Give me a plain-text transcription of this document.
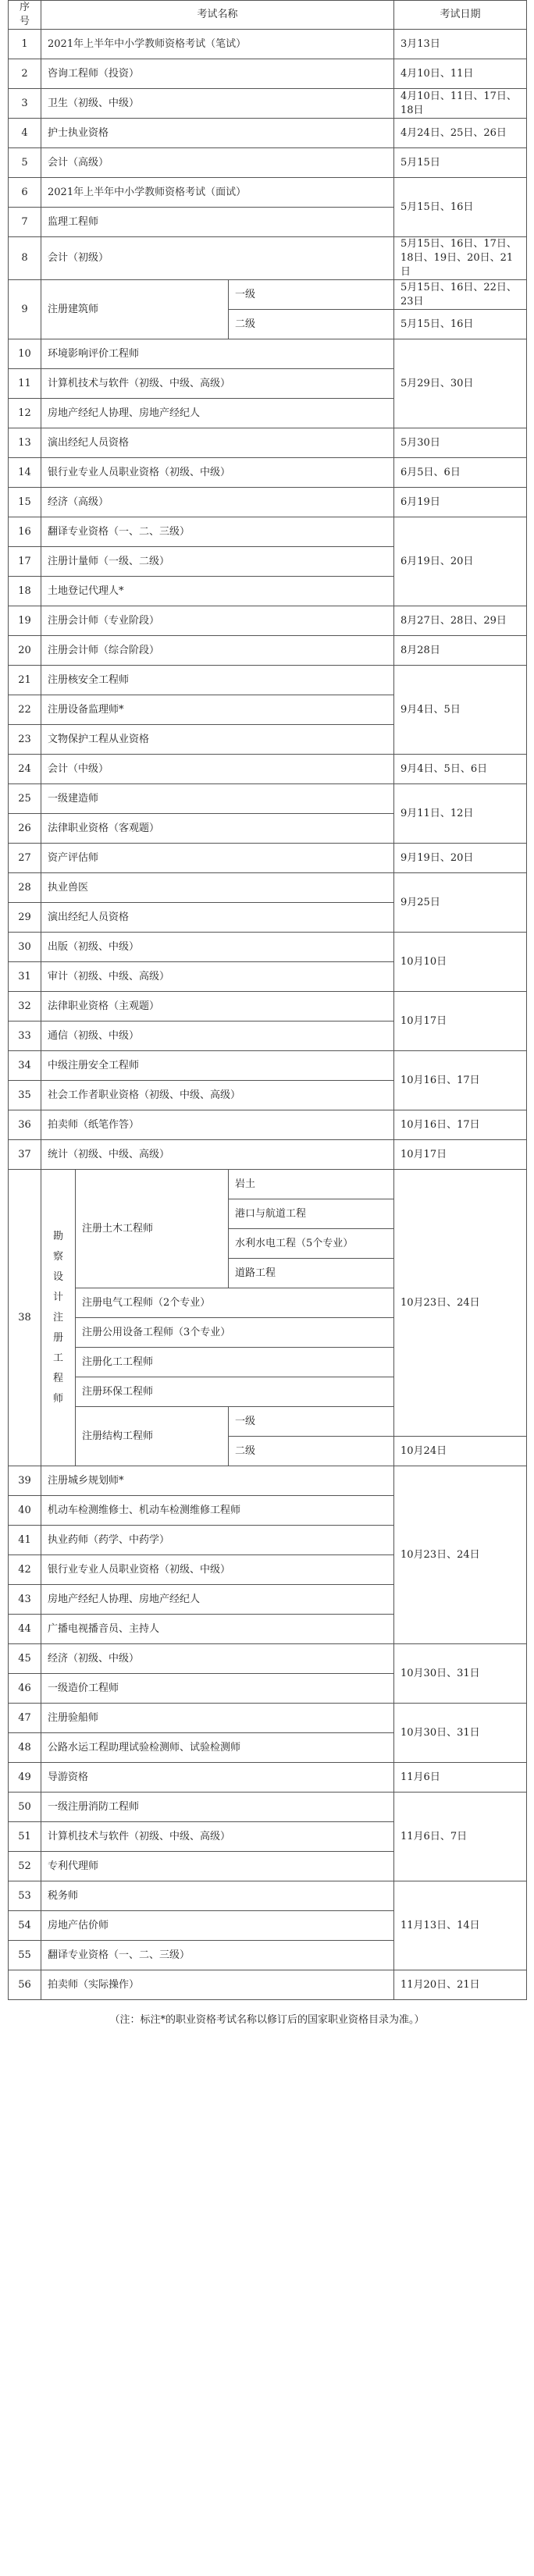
序号	考试名称			考试日期
1	2021年上半年中小学教师资格考试（笔试）			3月13日
2	咨询工程师（投资）			4月10日、11日
3	卫生（初级、中级）			4月10日、11日、17日、18日
4	护士执业资格			4月24日、25日、26日
5	会计（高级）			5月15日
6	2021年上半年中小学教师资格考试（面试）			5月15日、16日
7	监理工程师			
8	会计（初级）			5月15日、16日、17日、18日、19日、20日、21日
9	注册建筑师		一级	5月15日、16日、22日、23日
			二级	5月15日、16日
10	环境影响评价工程师			5月29日、30日
11	计算机技术与软件（初级、中级、高级）			
12	房地产经纪人协理、房地产经纪人			
13	演出经纪人员资格			5月30日
14	银行业专业人员职业资格（初级、中级）			6月5日、6日
15	经济（高级）			6月19日
16	翻译专业资格（一、二、三级）			6月19日、20日
17	注册计量师（一级、二级）			
18	土地登记代理人*			
19	注册会计师（专业阶段）			8月27日、28日、29日
20	注册会计师（综合阶段）			8月28日
21	注册核安全工程师			9月4日、5日
22	注册设备监理师*			
23	文物保护工程从业资格			
24	会计（中级）			9月4日、5日、6日
25	一级建造师			9月11日、12日
26	法律职业资格（客观题）			
27	资产评估师			9月19日、20日
28	执业兽医			9月25日
29	演出经纪人员资格			
30	出版（初级、中级）			10月10日
31	审计（初级、中级、高级）			
32	法律职业资格（主观题）			10月17日
33	通信（初级、中级）			
34	中级注册安全工程师			10月16日、17日
35	社会工作者职业资格（初级、中级、高级）			
36	拍卖师（纸笔作答）			10月16日、17日
37	统计（初级、中级、高级）			10月17日
38	勘察设计注册工程师	注册土木工程师	岩土	10月23日、24日
			港口与航道工程	
			水利水电工程（5个专业）	
			道路工程	
		注册电气工程师（2个专业）		
		注册公用设备工程师（3个专业）		
		注册化工工程师		
		注册环保工程师		
		注册结构工程师	一级	
			二级	10月24日
39	注册城乡规划师*			10月23日、24日
40	机动车检测维修士、机动车检测维修工程师			
41	执业药师（药学、中药学）			
42	银行业专业人员职业资格（初级、中级）			
43	房地产经纪人协理、房地产经纪人			
44	广播电视播音员、主持人			
45	经济（初级、中级）			10月30日、31日
46	一级造价工程师			
47	注册验船师			10月30日、31日
48	公路水运工程助理试验检测师、试验检测师			
49	导游资格			11月6日
50	一级注册消防工程师			11月6日、7日
51	计算机技术与软件（初级、中级、高级）			
52	专利代理师			
53	税务师			11月13日、14日
54	房地产估价师			
55	翻译专业资格（一、二、三级）			
56	拍卖师（实际操作）			11月20日、21日
（注：标注*的职业资格考试名称以修订后的国家职业资格目录为准。）
